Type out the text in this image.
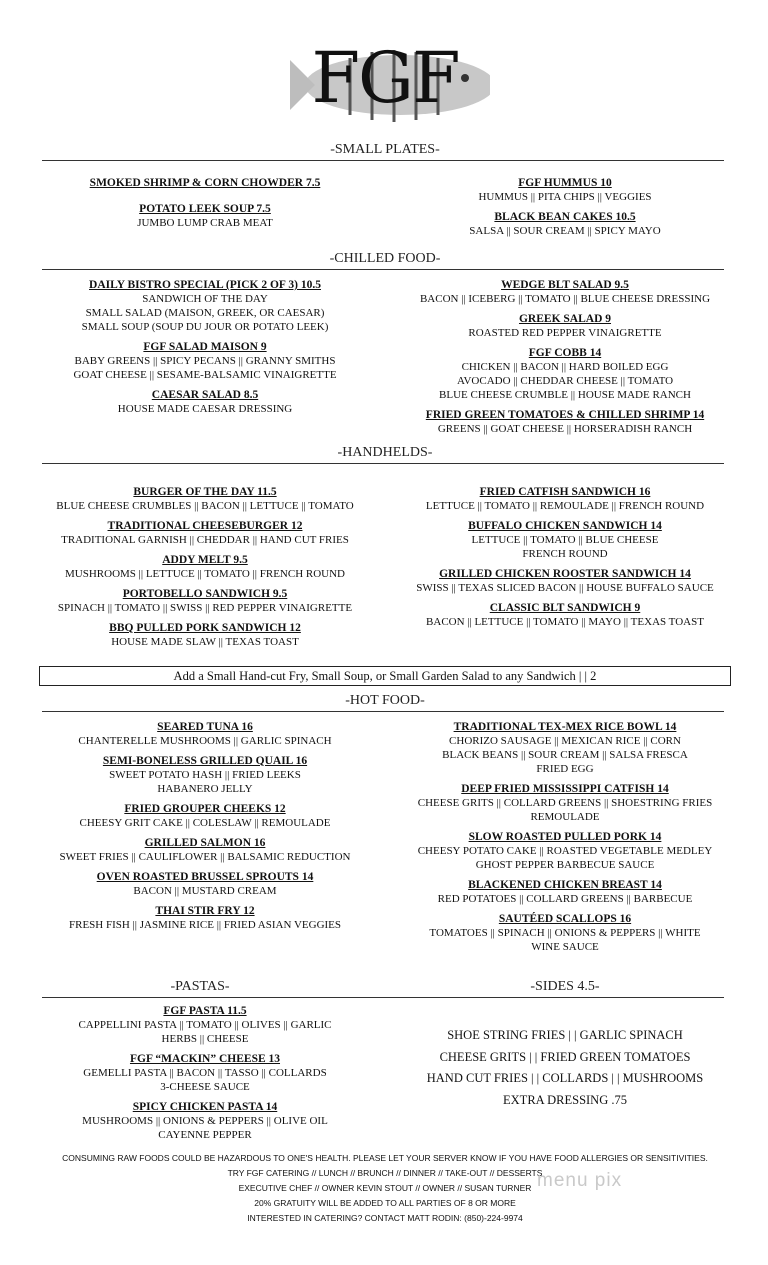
FGF
-SMALL PLATES-
-CHILLED FOOD-
-HANDHELDS-
-HOT FOOD-
-PASTAS-	-SIDES 4.5-
SMOKED SHRIMP & CORN CHOWDER 7.5
POTATO LEEK SOUP 7.5
JUMBO LUMP CRAB MEAT
FGF HUMMUS 10
HUMMUS || PITA CHIPS || VEGGIES
BLACK BEAN CAKES 10.5
SALSA || SOUR CREAM || SPICY MAYO
DAILY BISTRO SPECIAL (PICK 2 OF 3) 10.5
SANDWICH OF THE DAY
SMALL SALAD (MAISON, GREEK, OR CAESAR)
SMALL SOUP (SOUP DU JOUR OR POTATO LEEK)
FGF SALAD MAISON 9
BABY GREENS || SPICY PECANS || GRANNY SMITHS
GOAT CHEESE || SESAME-BALSAMIC VINAIGRETTE
CAESAR SALAD 8.5
HOUSE MADE CAESAR DRESSING
WEDGE BLT SALAD 9.5
BACON || ICEBERG || TOMATO || BLUE CHEESE DRESSING
GREEK SALAD 9
ROASTED RED PEPPER VINAIGRETTE
FGF COBB 14
CHICKEN || BACON || HARD BOILED EGG
AVOCADO || CHEDDAR CHEESE || TOMATO
BLUE CHEESE CRUMBLE || HOUSE MADE RANCH
FRIED GREEN TOMATOES & CHILLED SHRIMP 14
GREENS || GOAT CHEESE || HORSERADISH RANCH
BURGER OF THE DAY 11.5
BLUE CHEESE CRUMBLES || BACON || LETTUCE || TOMATO
TRADITIONAL CHEESEBURGER 12
TRADITIONAL GARNISH || CHEDDAR || HAND CUT FRIES
ADDY MELT 9.5
MUSHROOMS || LETTUCE || TOMATO || FRENCH ROUND
PORTOBELLO SANDWICH 9.5
SPINACH || TOMATO || SWISS || RED PEPPER VINAIGRETTE
BBQ PULLED PORK SANDWICH 12
HOUSE MADE SLAW || TEXAS TOAST
FRIED CATFISH SANDWICH 16
LETTUCE || TOMATO || REMOULADE || FRENCH ROUND
BUFFALO CHICKEN SANDWICH 14
LETTUCE || TOMATO || BLUE CHEESE
FRENCH ROUND
GRILLED CHICKEN ROOSTER SANDWICH 14
SWISS || TEXAS SLICED BACON || HOUSE BUFFALO SAUCE
CLASSIC BLT SANDWICH 9
BACON || LETTUCE || TOMATO || MAYO || TEXAS TOAST
Add a Small Hand-cut Fry, Small Soup, or Small Garden Salad to any Sandwich | | 2
SEARED TUNA 16
CHANTERELLE MUSHROOMS || GARLIC SPINACH
SEMI-BONELESS GRILLED QUAIL 16
SWEET POTATO HASH || FRIED LEEKS
HABANERO JELLY
FRIED GROUPER CHEEKS 12
CHEESY GRIT CAKE || COLESLAW || REMOULADE
GRILLED SALMON 16
SWEET FRIES || CAULIFLOWER || BALSAMIC REDUCTION
OVEN ROASTED BRUSSEL SPROUTS 14
BACON || MUSTARD CREAM
THAI STIR FRY 12
FRESH FISH || JASMINE RICE || FRIED ASIAN VEGGIES
TRADITIONAL TEX-MEX RICE BOWL 14
CHORIZO SAUSAGE || MEXICAN RICE || CORN
BLACK BEANS || SOUR CREAM || SALSA FRESCA
FRIED EGG
DEEP FRIED MISSISSIPPI CATFISH 14
CHEESE GRITS || COLLARD GREENS || SHOESTRING FRIES
REMOULADE
SLOW ROASTED PULLED PORK 14
CHEESY POTATO CAKE || ROASTED VEGETABLE MEDLEY
GHOST PEPPER BARBECUE SAUCE
BLACKENED CHICKEN BREAST 14
RED POTATOES || COLLARD GREENS || BARBECUE
SAUTÉED SCALLOPS 16
TOMATOES || SPINACH || ONIONS & PEPPERS || WHITE
WINE SAUCE
FGF PASTA 11.5
CAPPELLINI PASTA || TOMATO || OLIVES || GARLIC
HERBS || CHEESE
FGF “MACKIN” CHEESE 13
GEMELLI PASTA || BACON || TASSO || COLLARDS
3-CHEESE SAUCE
SPICY CHICKEN PASTA 14
MUSHROOMS || ONIONS & PEPPERS || OLIVE OIL
CAYENNE PEPPER
SHOE STRING FRIES | | GARLIC SPINACH
CHEESE GRITS | | FRIED GREEN TOMATOES
HAND CUT FRIES | | COLLARDS | | MUSHROOMS
EXTRA DRESSING .75
CONSUMING RAW FOODS COULD BE HAZARDOUS TO ONE'S HEALTH. PLEASE LET YOUR SERVER KNOW IF YOU HAVE FOOD ALLERGIES OR SENSITIVITIES.
TRY FGF CATERING // LUNCH // BRUNCH // DINNER // TAKE-OUT // DESSERTS
EXECUTIVE CHEF // OWNER KEVIN STOUT // OWNER // SUSAN TURNER
20% GRATUITY WILL BE ADDED TO ALL PARTIES OF 8 OR MORE
INTERESTED IN CATERING? CONTACT MATT RODIN: (850)-224-9974
menu pix
